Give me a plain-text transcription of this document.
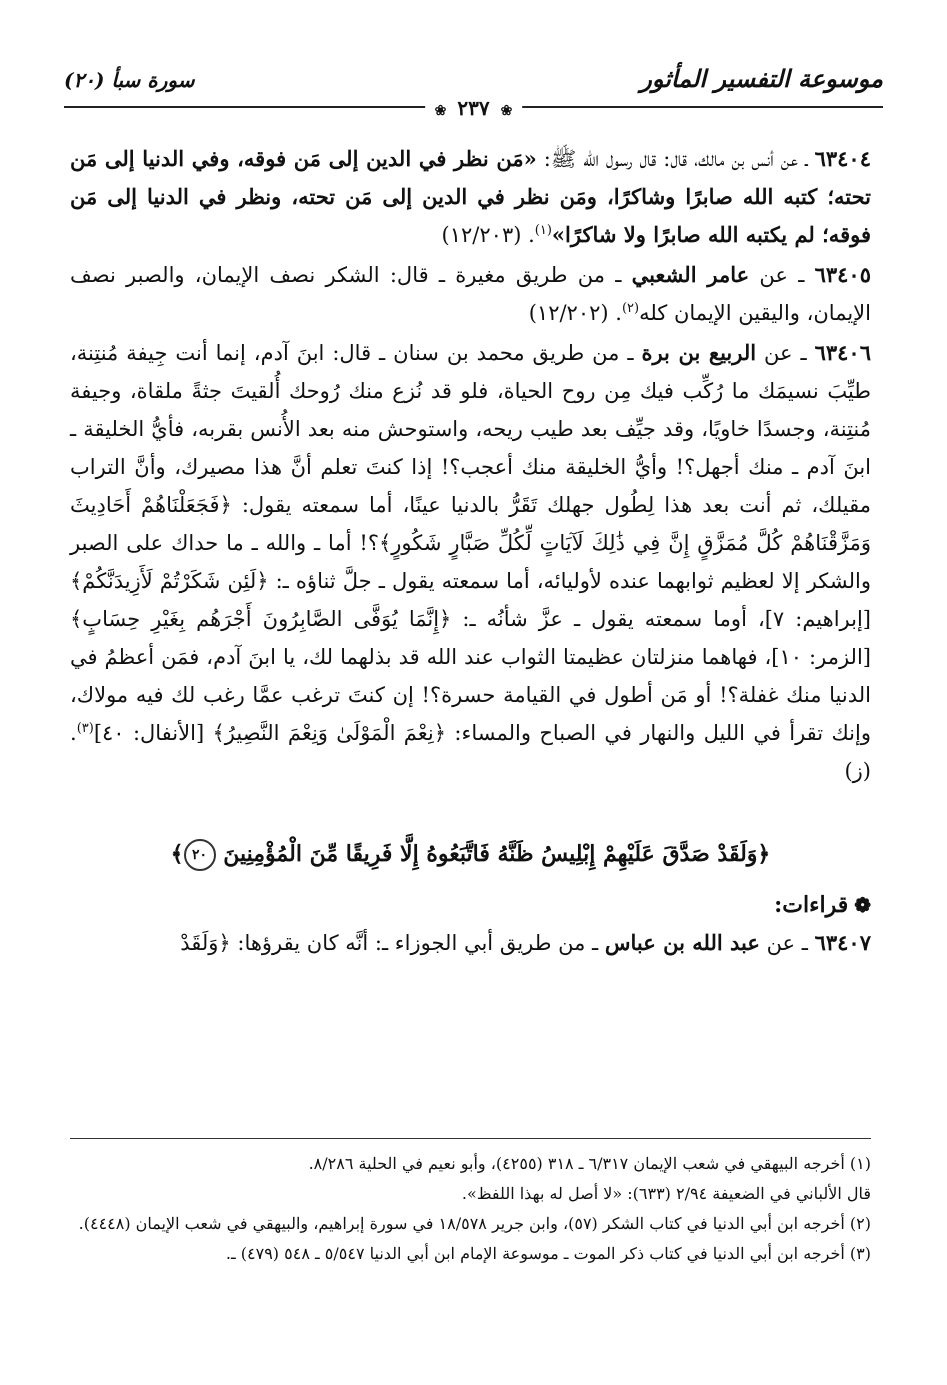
موسوعة التفسير المأثور
سورة سبأ (٢٠)
❀ ٢٣٧ ❀

٦٣٤٠٤ ـ عن أنس بن مالك، قال: قال رسول الله ﷺ: «مَن نظر في الدين إلى مَن فوقه، وفي الدنيا إلى مَن تحته؛ كتبه الله صابرًا وشاكرًا، ومَن نظر في الدين إلى مَن تحته، ونظر في الدنيا إلى مَن فوقه؛ لم يكتبه الله صابرًا ولا شاكرًا»$^{(١)}$. (١٢/٢٠٣)

٦٣٤٠٥ ـ عن عامر الشعبي ـ من طريق مغيرة ـ قال: الشكر نصف الإيمان، والصبر نصف الإيمان، واليقين الإيمان كله$^{(٢)}$. (١٢/٢٠٢)

٦٣٤٠٦ ـ عن الربيع بن برة ـ من طريق محمد بن سنان ـ قال: ابنَ آدم، إنما أنت جِيفة مُنتِنة، طيِّبَ نسيمَك ما رُكِّب فيك مِن روح الحياة، فلو قد نُزع منك رُوحك أُلقيتَ جثةً ملقاة، وجيفة مُنتِنة، وجسدًا خاويًا، وقد جيِّف بعد طيب ريحه، واستوحش منه بعد الأُنس بقربه، فأيُّ الخليقة ـ ابنَ آدم ـ منك أجهل؟! وأيُّ الخليقة منك أعجب؟! إذا كنتَ تعلم أنَّ هذا مصيرك، وأنَّ التراب مقيلك، ثم أنت بعد هذا لِطُول جهلك تَقَرُّ بالدنيا عينًا، أما سمعته يقول: ﴿فَجَعَلْنَاهُمْ أَحَادِيثَ وَمَزَّقْنَاهُمْ كُلَّ مُمَزَّقٍ إِنَّ فِي ذَٰلِكَ لَآيَاتٍ لِّكُلِّ صَبَّارٍ شَكُورٍ﴾؟! أما ـ والله ـ ما حداك على الصبر والشكر إلا لعظيم ثوابهما عنده لأوليائه، أما سمعته يقول ـ جلَّ ثناؤه ـ: ﴿لَئِن شَكَرْتُمْ لَأَزِيدَنَّكُمْ﴾ [إبراهيم: ٧]، أوما سمعته يقول ـ عزَّ شأنُه ـ: ﴿إِنَّمَا يُوَفَّى الصَّابِرُونَ أَجْرَهُم بِغَيْرِ حِسَابٍ﴾ [الزمر: ١٠]، فهاهما منزلتان عظيمتا الثواب عند الله قد بذلهما لك، يا ابنَ آدم، فمَن أعظمُ في الدنيا منك غفلة؟! أو مَن أطول في القيامة حسرة؟! إن كنتَ ترغب عمَّا رغب لك فيه مولاك، وإنك تقرأ في الليل والنهار في الصباح والمساء: ﴿نِعْمَ الْمَوْلَىٰ وَنِعْمَ النَّصِيرُ﴾ [الأنفال: ٤٠]$^{(٣)}$. (ز)

﴿وَلَقَدْ صَدَّقَ عَلَيْهِمْ إِبْلِيسُ ظَنَّهُ فَاتَّبَعُوهُ إِلَّا فَرِيقًا مِّنَ الْمُؤْمِنِينَ ٢٠﴾
❁قراءات:

٦٣٤٠٧ ـ عن عبد الله بن عباس ـ من طريق أبي الجوزاء ـ: أنَّه كان يقرؤها: ﴿وَلَقَدْ

(١) أخرجه البيهقي في شعب الإيمان ٦/٣١٧ ـ ٣١٨ (٤٢٥٥)، وأبو نعيم في الحلية ٨/٢٨٦.

قال الألباني في الضعيفة ٢/٩٤ (٦٣٣): «لا أصل له بهذا اللفظ».

(٢) أخرجه ابن أبي الدنيا في كتاب الشكر (٥٧)، وابن جرير ١٨/٥٧٨ في سورة إبراهيم، والبيهقي في شعب الإيمان (٤٤٤٨).

(٣) أخرجه ابن أبي الدنيا في كتاب ذكر الموت ـ موسوعة الإمام ابن أبي الدنيا ٥/٥٤٧ ـ ٥٤٨ (٤٧٩) ـ.
